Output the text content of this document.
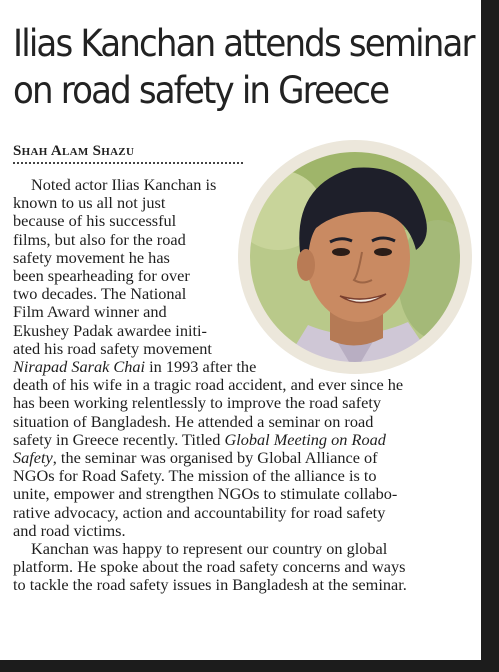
Ilias Kanchan attends seminar
on road safety in Greece
Shah Alam Shazu

Noted actor Ilias Kanchan is
known to us all not just
because of his successful
films, but also for the road
safety movement he has
been spearheading for over
two decades. The National
Film Award winner and
Ekushey Padak awardee initi-
ated his road safety movement
Nirapad Sarak Chai in 1993 after the
death of his wife in a tragic road accident, and ever since he
has been working relentlessly to improve the road safety
situation of Bangladesh. He attended a seminar on road
safety in Greece recently. Titled Global Meeting on Road
Safety, the seminar was organised by Global Alliance of
NGOs for Road Safety. The mission of the alliance is to
unite, empower and strengthen NGOs to stimulate collabo-
rative advocacy, action and accountability for road safety
and road victims.

Kanchan was happy to represent our country on global
platform. He spoke about the road safety concerns and ways
to tackle the road safety issues in Bangladesh at the seminar.
